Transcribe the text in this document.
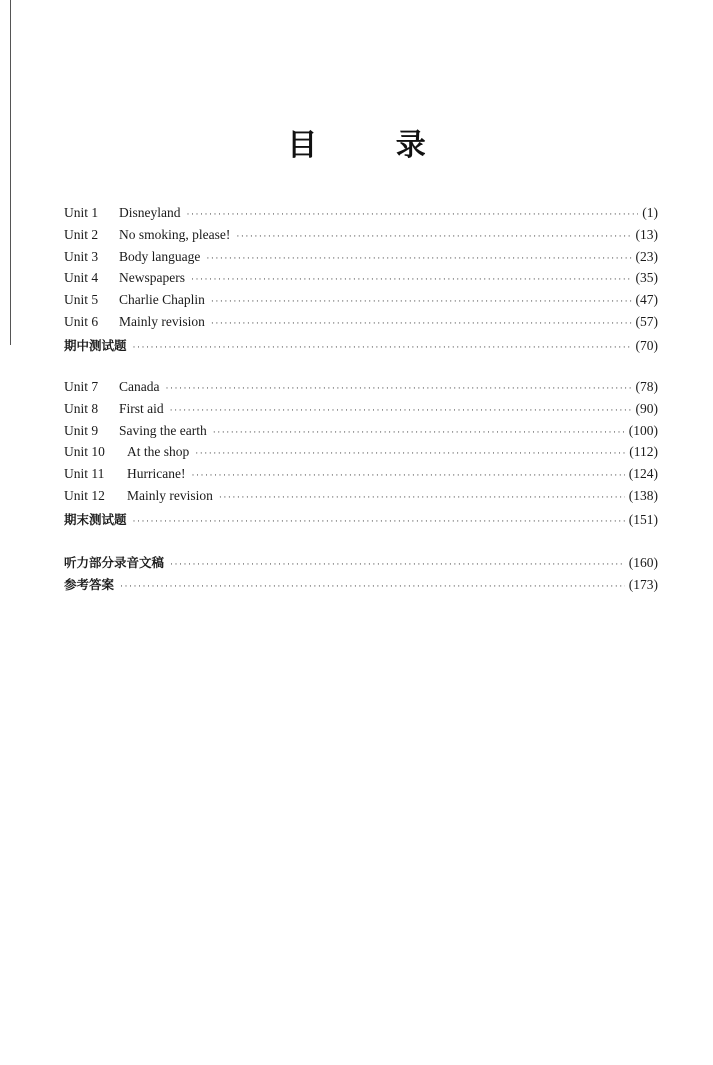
目 录
Unit 1	Disneyland ·····	(1)
Unit 2	No smoking, please! ·····	(13)
Unit 3	Body language ·····	(23)
Unit 4	Newspapers ·····	(35)
Unit 5	Charlie Chaplin ·····	(47)
Unit 6	Mainly revision ·····	(57)
期中测试题 ·····	(70)
Unit 7	Canada ·····	(78)
Unit 8	First aid ·····	(90)
Unit 9	Saving the earth ·····	(100)
Unit 10	At the shop ·····	(112)
Unit 11	Hurricane! ·····	(124)
Unit 12	Mainly revision ·····	(138)
期末测试题 ·····	(151)
听力部分录音文稿 ·····	(160)
参考答案 ·····	(173)
